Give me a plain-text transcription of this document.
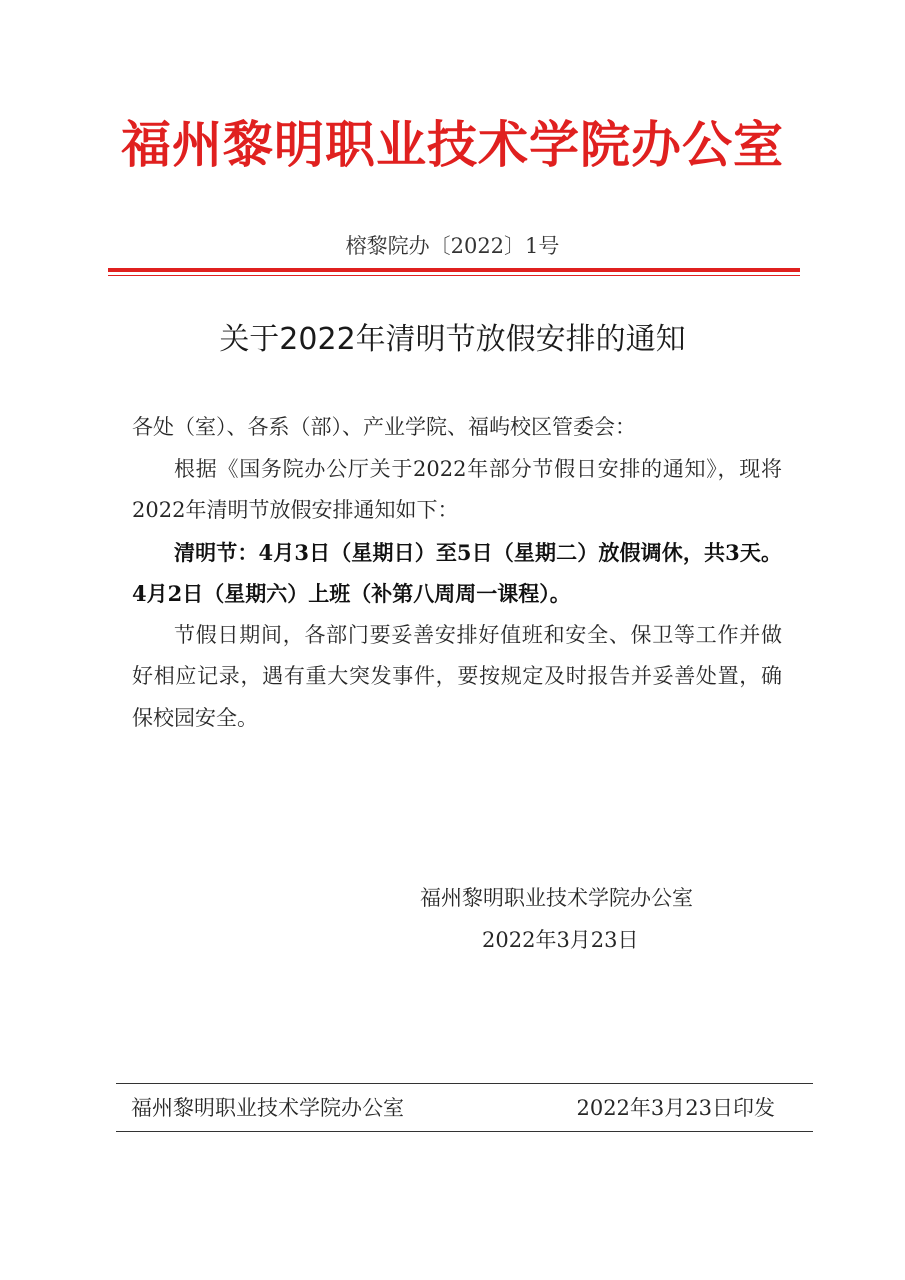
福州黎明职业技术学院办公室
榕黎院办〔2022〕1号
关于2022年清明节放假安排的通知

各处（室）、各系（部）、产业学院、福屿校区管委会：

根据《国务院办公厅关于2022年部分节假日安排的通知》，现将2022年清明节放假安排通知如下：

清明节：4月3日（星期日）至5日（星期二）放假调休，共3天。4月2日（星期六）上班（补第八周周一课程）。

节假日期间，各部门要妥善安排好值班和安全、保卫等工作并做好相应记录，遇有重大突发事件，要按规定及时报告并妥善处置，确保校园安全。

福州黎明职业技术学院办公室
2022年3月23日
福州黎明职业技术学院办公室	2022年3月23日印发
